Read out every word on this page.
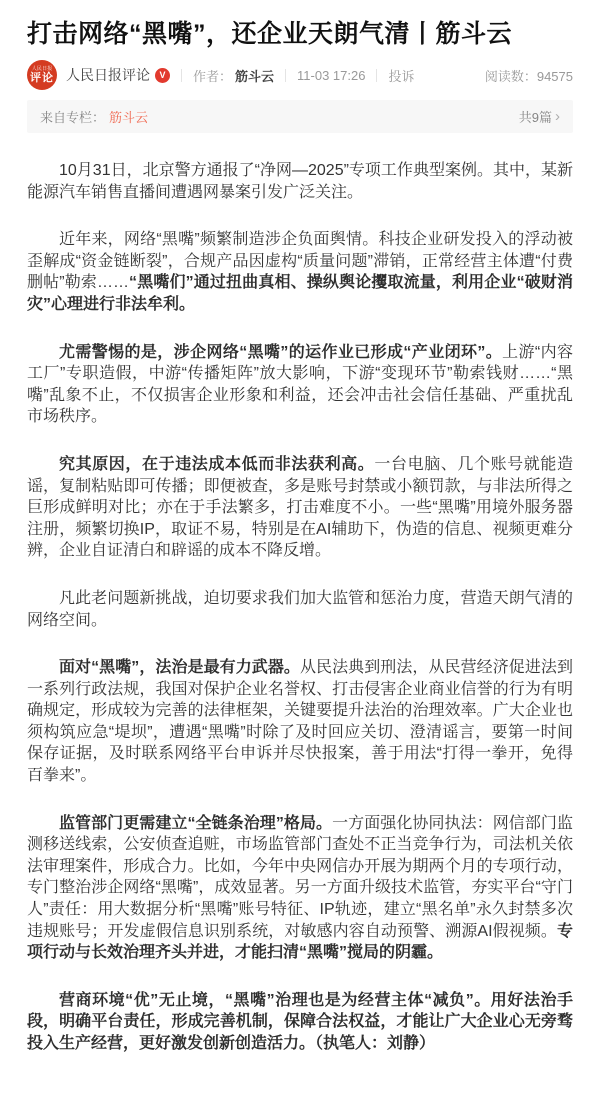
打击网络“黑嘴”，还企业天朗气清丨筋斗云
人民日报
评论 人民日报评论	V	作者： 筋斗云 11-03 17:26 投诉	阅读数：94575
来自专栏： 筋斗云	共9篇 ›

10月31日，北京警方通报了“净网—2025”专项工作典型案例。其中，某新能源汽车销售直播间遭遇网暴案引发广泛关注。

近年来，网络“黑嘴”频繁制造涉企负面舆情。科技企业研发投入的浮动被歪解成“资金链断裂”，合规产品因虚构“质量问题”滞销，正常经营主体遭“付费删帖”勒索……“黑嘴们”通过扭曲真相、操纵舆论攫取流量，利用企业“破财消灾”心理进行非法牟利。

尤需警惕的是，涉企网络“黑嘴”的运作业已形成“产业闭环”。上游“内容工厂”专职造假，中游“传播矩阵”放大影响，下游“变现环节”勒索钱财……“黑嘴”乱象不止，不仅损害企业形象和利益，还会冲击社会信任基础、严重扰乱市场秩序。

究其原因，在于违法成本低而非法获利高。一台电脑、几个账号就能造谣，复制粘贴即可传播；即便被查，多是账号封禁或小额罚款，与非法所得之巨形成鲜明对比；亦在于手法繁多，打击难度不小。一些“黑嘴”用境外服务器注册，频繁切换IP，取证不易，特别是在AI辅助下，伪造的信息、视频更难分辨，企业自证清白和辟谣的成本不降反增。

凡此老问题新挑战，迫切要求我们加大监管和惩治力度，营造天朗气清的网络空间。

面对“黑嘴”，法治是最有力武器。从民法典到刑法，从民营经济促进法到一系列行政法规，我国对保护企业名誉权、打击侵害企业商业信誉的行为有明确规定，形成较为完善的法律框架，关键要提升法治的治理效率。广大企业也须构筑应急“堤坝”，遭遇“黑嘴”时除了及时回应关切、澄清谣言，要第一时间保存证据，及时联系网络平台申诉并尽快报案，善于用法“打得一拳开，免得百拳来”。

监管部门更需建立“全链条治理”格局。一方面强化协同执法：网信部门监测移送线索，公安侦查追赃，市场监管部门查处不正当竞争行为，司法机关依法审理案件，形成合力。比如，今年中央网信办开展为期两个月的专项行动，专门整治涉企网络“黑嘴”，成效显著。另一方面升级技术监管，夯实平台“守门人”责任：用大数据分析“黑嘴”账号特征、IP轨迹，建立“黑名单”永久封禁多次违规账号；开发虚假信息识别系统，对敏感内容自动预警、溯源AI假视频。专项行动与长效治理齐头并进，才能扫清“黑嘴”搅局的阴霾。

营商环境“优”无止境，“黑嘴”治理也是为经营主体“减负”。用好法治手段，明确平台责任，形成完善机制，保障合法权益，才能让广大企业心无旁骛投入生产经营，更好激发创新创造活力。（执笔人：刘静）
